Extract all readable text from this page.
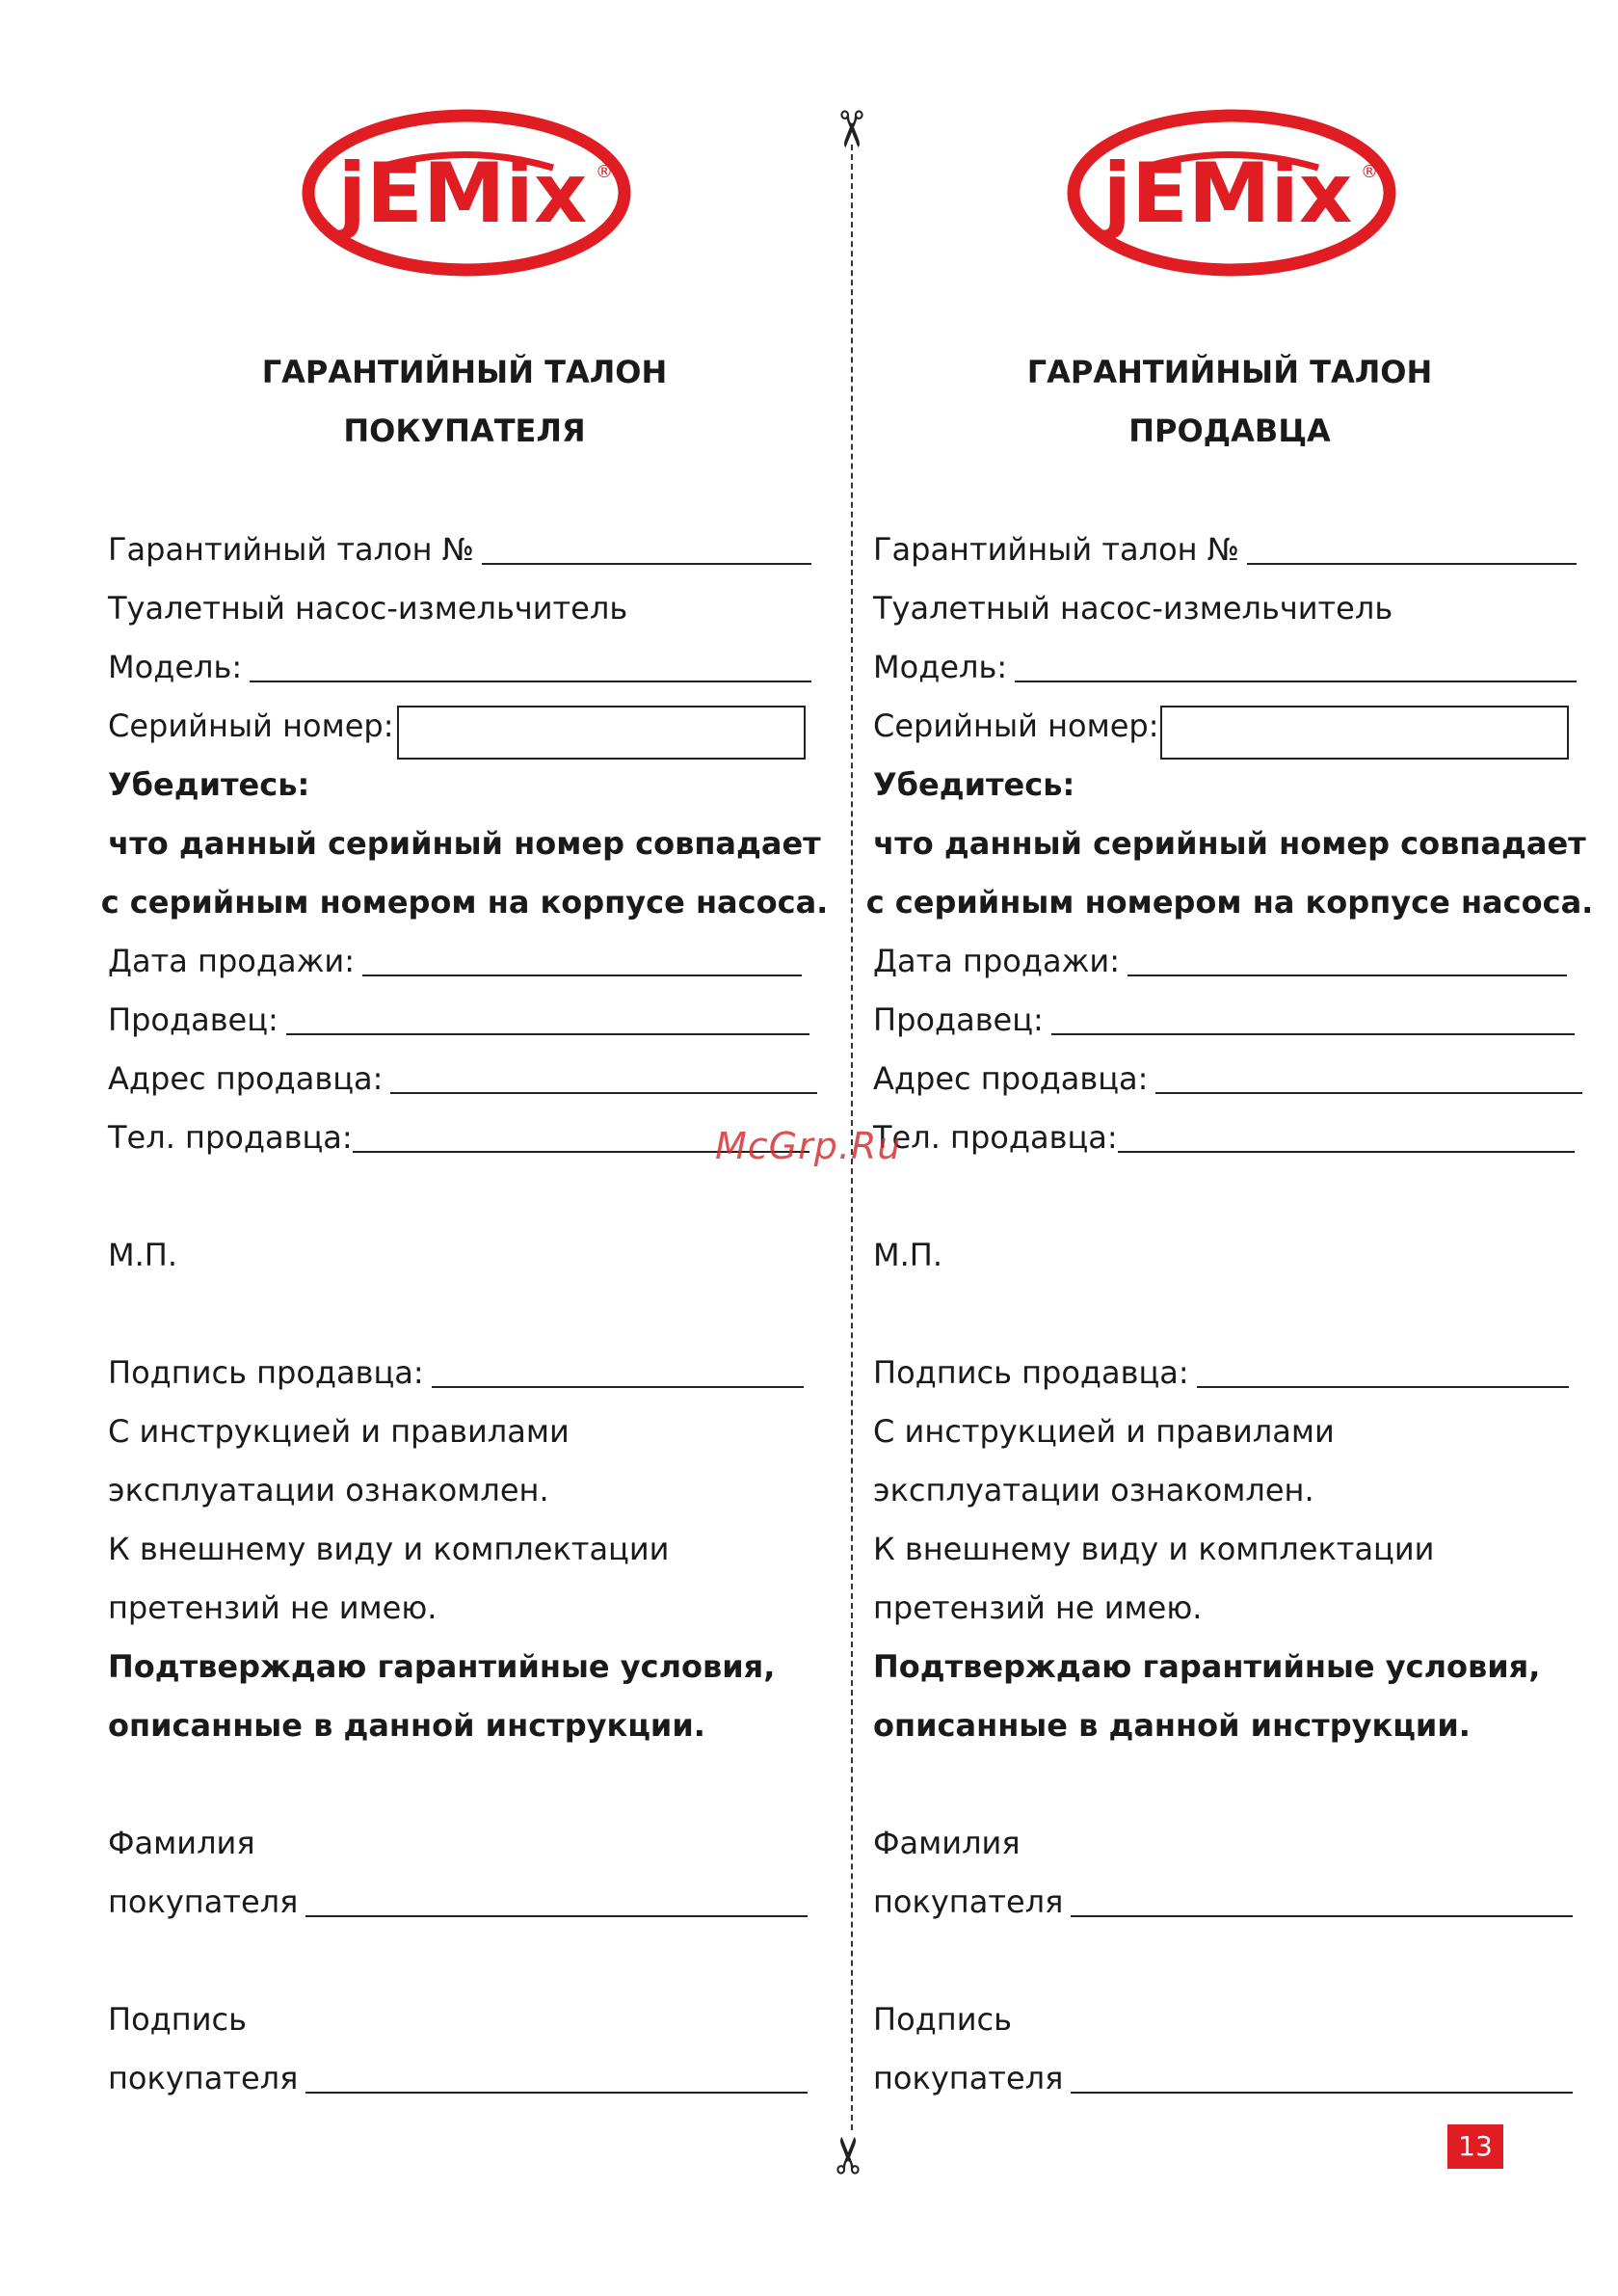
jEMix ®
ГАРАНТИЙНЫЙ ТАЛОН
ПОКУПАТЕЛЯ
Гарантийный талон №
Туалетный насос-измельчитель
Модель:
Серийный номер:
Убедитесь:
что данный серийный номер совпадает
с серийным номером на корпусе насоса.
Дата продажи:
Продавец:
Адрес продавца:
Тел. продавца:
М.П.
Подпись продавца:
С инструкцией и правилами
эксплуатации ознакомлен.
К внешнему виду и комплектации
претензий не имею.
Подтверждаю гарантийные условия,
описанные в данной инструкции.
Фамилия
покупателя
Подпись
покупателя
jEMix ®
ГАРАНТИЙНЫЙ ТАЛОН
ПРОДАВЦА
Гарантийный талон №
Туалетный насос-измельчитель
Модель:
Серийный номер:
Убедитесь:
что данный серийный номер совпадает
с серийным номером на корпусе насоса.
Дата продажи:
Продавец:
Адрес продавца:
Тел. продавца:
М.П.
Подпись продавца:
С инструкцией и правилами
эксплуатации ознакомлен.
К внешнему виду и комплектации
претензий не имею.
Подтверждаю гарантийные условия,
описанные в данной инструкции.
Фамилия
покупателя
Подпись
покупателя
✂
✂
McGrp.Ru
13
